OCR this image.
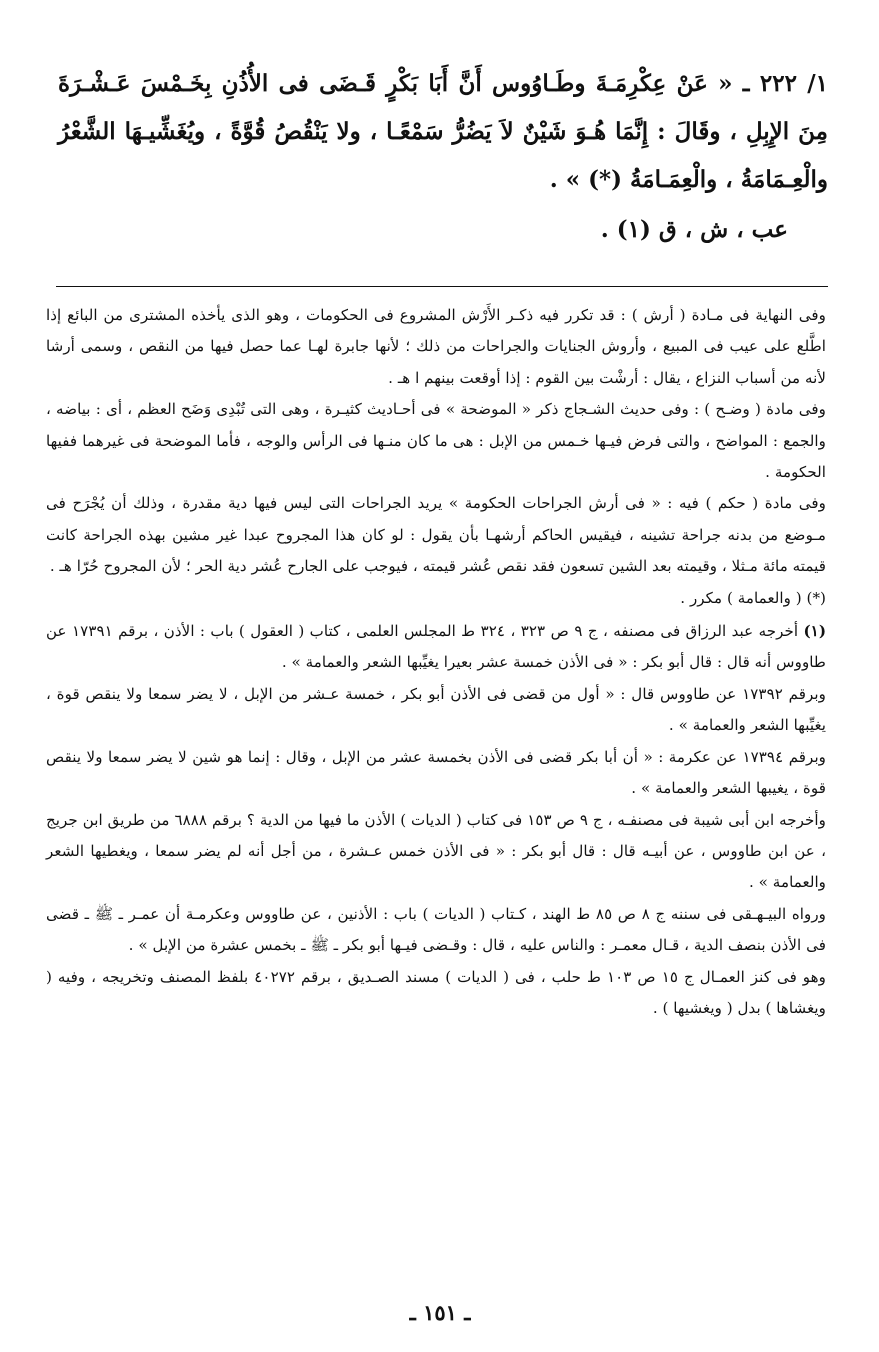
١/ ٢٢٢ ـ « عَنْ عِكْرِمَـةَ وطَـاوُوس أَنَّ أَبَا بَكْرٍ قَـضَى فى الأُذُنِ بِخَـمْسَ عَـشْـرَةَ مِنَ الإِبِلِ ، وقَالَ : إِنَّمَا هُـوَ شَيْنٌ لاَ يَضُرُّ سَمْعًـا ، ولا يَنْقُصُ قُوَّةً ، ويُغَشِّيـهَا الشَّعْرُ والْعِـمَامَةُ ، والْعِمَـامَةُ (*) » .

عب ، ش ، ق (١) .

وفى النهاية فى مـادة ( أرش ) : قد تكرر فيه ذكـر الأَرْش المشروع فى الحكومات ، وهو الذى يأخذه المشترى من البائع إذا اطَّلع على عيب فى المبيع ، وأروش الجنايات والجراحات من ذلك ؛ لأنها جابرة لهـا عما حصل فيها من النقص ، وسمى أرشا لأنه من أسباب النزاع ، يقال : أرشْت بين القوم : إذا أوقعت بينهم ا هـ .

وفى مادة ( وضـح ) : وفى حديث الشـجاج ذكر « الموضحة » فى أحـاديث كثيـرة ، وهى التى تُبْدِى وَضَح العظم ، أى : بياضه ، والجمع : المواضح ، والتى فرض فيـها خـمس من الإبل : هى ما كان منـها فى الرأس والوجه ، فأما الموضحة فى غيرهما ففيها الحكومة .

وفى مادة ( حكم ) فيه : « فى أرش الجراحات الحكومة » يريد الجراحات التى ليس فيها دية مقدرة ، وذلك أن يُجْرَح فى مـوضع من بدنه جراحة تشينه ، فيقيس الحاكم أرشهـا بأن يقول : لو كان هذا المجروح عبدا غير مشين بهذه الجراحة كانت قيمته مائة مـثلا ، وقيمته بعد الشين تسعون فقد نقص عُشر قيمته ، فيوجب على الجارح عُشر دية الحر ؛ لأن المجروح حُرّا هـ .

(*) ( والعمامة ) مكرر .

(١) أخرجه عبد الرزاق فى مصنفه ، ج ٩ ص ٣٢٣ ، ٣٢٤ ط المجلس العلمى ، كتاب ( العقول ) باب : الأذن ، برقم ١٧٣٩١ عن طاووس أنه قال : قال أبو بكر : « فى الأذن خمسة عشر بعيرا يغيِّبها الشعر والعمامة » .

وبرقم ١٧٣٩٢ عن طاووس قال : « أول من قضى فى الأذن أبو بكر ، خمسة عـشر من الإبل ، لا يضر سمعا ولا ينقص قوة ، يغيِّبها الشعر والعمامة » .

وبرقم ١٧٣٩٤ عن عكرمة : « أن أبا بكر قضى فى الأذن بخمسة عشر من الإبل ، وقال : إنما هو شين لا يضر سمعا ولا ينقص قوة ، يغيبها الشعر والعمامة » .

وأخرجه ابن أبى شيبة فى مصنفـه ، ج ٩ ص ١٥٣ فى كتاب ( الديات ) الأذن ما فيها من الدية ؟ برقم ٦٨٨٨ من طريق ابن جريج ، عن ابن طاووس ، عن أبيـه قال : قال أبو بكر : « فى الأذن خمس عـشرة ، من أجل أنه لم يضر سمعا ، ويغطيها الشعر والعمامة » .

ورواه البيـهـقى فى سننه ج ٨ ص ٨٥ ط الهند ، كـتاب ( الديات ) باب : الأذنين ، عن طاووس وعكرمـة أن عمـر ـ ﷺ ـ قضى فى الأذن بنصف الدية ، قـال معمـر : والناس عليه ، قال : وقـضى فيـها أبو بكر ـ ﷺ ـ بخمس عشرة من الإبل » .

وهو فى كنز العمـال ج ١٥ ص ١٠٣ ط حلب ، فى ( الديات ) مسند الصـديق ، برقم ٤٠٢٧٢ بلفظ المصنف وتخريجه ، وفيه ( ويغشاها ) بدل ( ويغشيها ) .

ـ ١٥١ ـ
